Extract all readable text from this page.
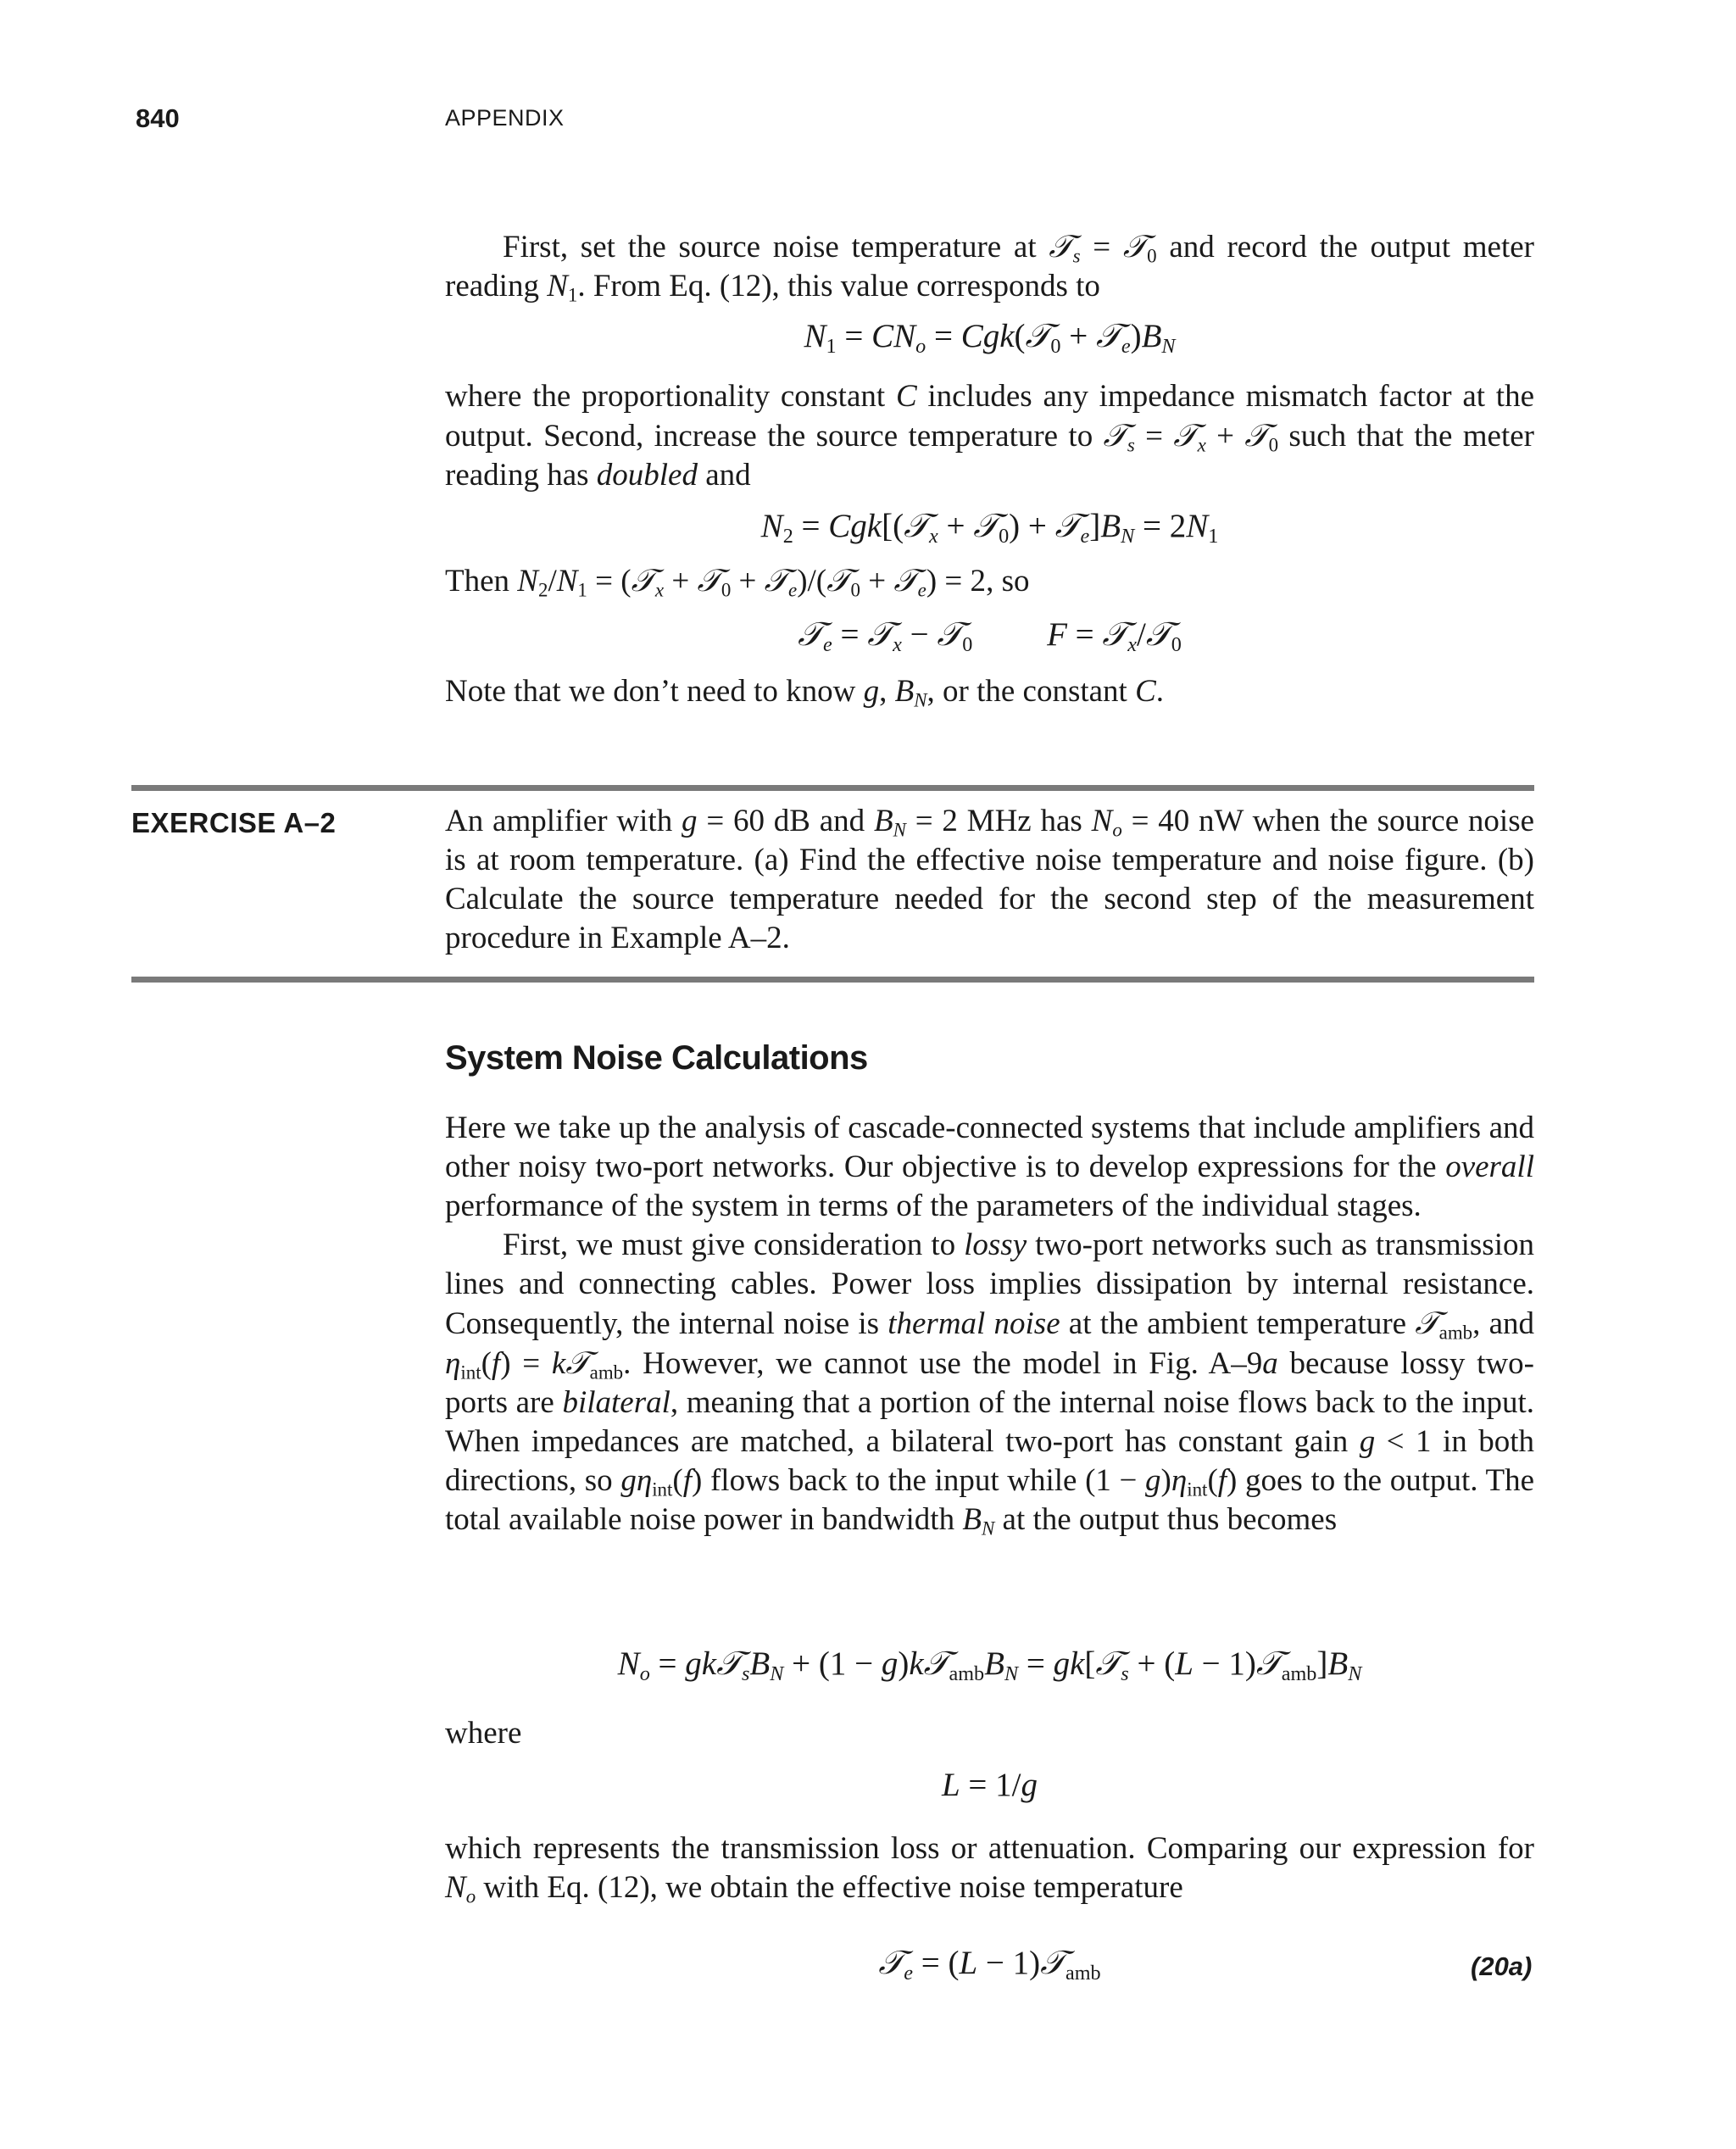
840	APPENDIX

First, set the source noise temperature at 𝒯$_s$ = 𝒯$_0$ and record the output meter reading $N_1$. From Eq. (12), this value corresponds to

$N_1 = CN_o$ = Cgk(𝒯$_0$ + $𝒯_e)B_N$

where the proportionality constant C includes any impedance mismatch factor at the output. Second, increase the source temperature to 𝒯$_s$ = 𝒯$_x$ + 𝒯$_0$ such that the meter reading has doubled and

$N_2$ = Cgk[(𝒯$_x$ + 𝒯$_0$) + $𝒯_e]B_N = 2N_1$

Then $N_2/N_1$ = (𝒯$_x$ + 𝒯$_0$ + 𝒯$_e$)/(𝒯$_0$ + 𝒯$_e$) = 2, so

𝒯$_e$ = 𝒯$_x$ − 𝒯$_0$ F = 𝒯$_x$/𝒯$_0$

Note that we don’t need to know g, $B_N$, or the constant C.

EXERCISE A–2	An amplifier with g = 60 dB and $B_N = 2$ MHz has $N_o = 40$ nW when the source noise is at room temperature. (a) Find the effective noise temperature and noise figure. (b) Calculate the source temperature needed for the second step of the measurement procedure in Example A–2.

System Noise Calculations

Here we take up the analysis of cascade-connected systems that include amplifiers and other noisy two-port networks. Our objective is to develop expressions for the overall performance of the system in terms of the parameters of the individual stages.

First, we must give consideration to lossy two-port networks such as transmission lines and connecting cables. Power loss implies dissipation by internal resistance. Consequently, the internal noise is thermal noise at the ambient temperature 𝒯$_{amb}$, and $\eta_{int}(f)$ = k𝒯$_{amb}$. However, we cannot use the model in Fig. A–9a because lossy two-ports are bilateral, meaning that a portion of the internal noise flows back to the input. When impedances are matched, a bilateral two-port has constant gain g < 1 in both directions, so $g\eta_{int}(f)$ flows back to the input while $(1 - g)\eta_{int}(f)$ goes to the output. The total available noise power in bandwidth $B_N$ at the output thus becomes

$N_o$ = $gk𝒯_sB_N + (1$ − $g)k𝒯_{amb}B_N$ = gk[𝒯$_s$ + $(L - 1)𝒯_{amb}]B_N$

where

L = 1/g

which represents the transmission loss or attenuation. Comparing our expression for $N_o$ with Eq. (12), we obtain the effective noise temperature

𝒯$_e$ = (L − 1)𝒯$_{amb}$	(20a)
